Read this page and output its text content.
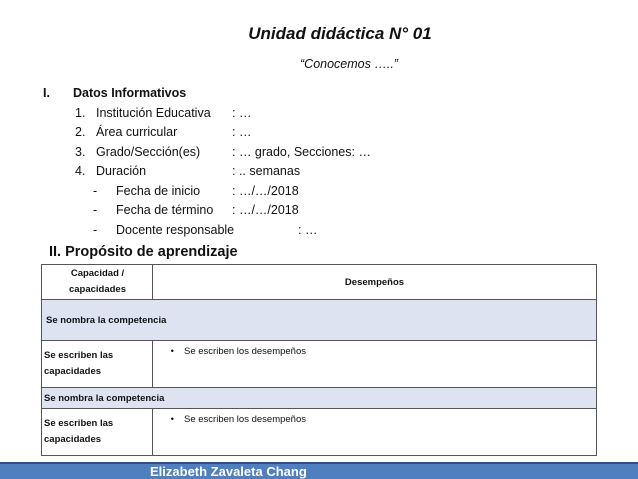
Unidad didáctica N° 01
“Conocemos …..”
I. Datos Informativos
1. Institución Educativa : …
2. Área curricular	: …
3. Grado/Sección(es)	: … grado, Secciones: …
4. Duración	: .. semanas
- Fecha de inicio	: …/…/2018
- Fecha de término : …/…/2018
- Docente responsable	: …
II. Propósito de aprendizaje
Capacidad / capacidades	Desempeños
Se nombra la competencia	
Se escriben las capacidades	• Se escriben los desempeños
Se nombra la competencia	
Se escriben las capacidades	• Se escriben los desempeños
Elizabeth Zavaleta Chang
